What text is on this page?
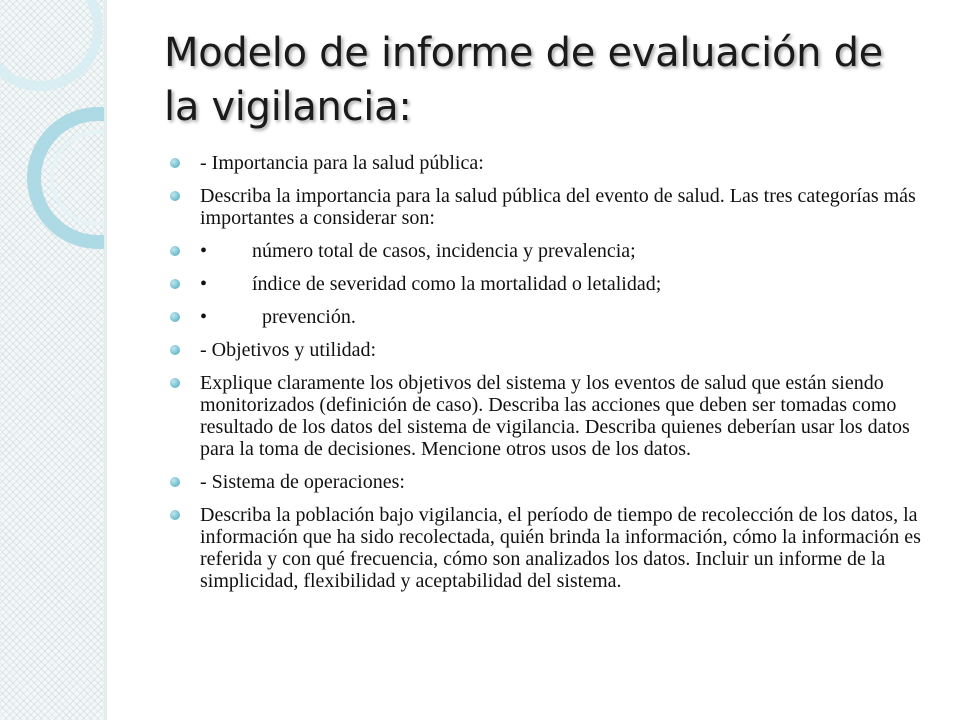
Modelo de informe de evaluación de la vigilancia:
- Importancia para la salud pública:
Describa la importancia para la salud pública del evento de salud. Las tres categorías más importantes a considerar son:
•         número total de casos, incidencia y prevalencia;
•         índice de severidad como la mortalidad o letalidad;
•           prevención.
- Objetivos y utilidad:
Explique claramente los objetivos del sistema y los eventos de salud que están siendo monitorizados (definición de caso). Describa las acciones que deben ser tomadas como resultado de los datos del sistema de vigilancia. Describa quienes deberían usar los datos para la toma de decisiones. Mencione otros usos de los datos.
- Sistema de operaciones:
Describa la población bajo vigilancia, el período de tiempo de recolección de los datos, la información que ha sido recolectada, quién brinda la información, cómo la información es referida y con qué frecuencia, cómo son analizados los datos. Incluir un informe de la simplicidad, flexibilidad y aceptabilidad del sistema.
